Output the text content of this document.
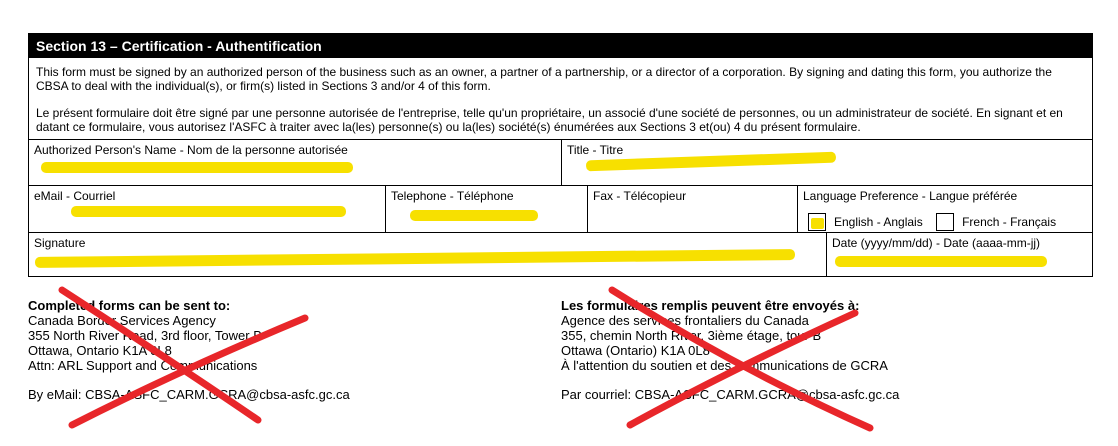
Section 13 – Certification - Authentification

This form must be signed by an authorized person of the business such as an owner, a partner of a partnership, or a director of a corporation. By signing and dating this form, you authorize the CBSA to deal with the individual(s), or firm(s) listed in Sections 3 and/or 4 of this form.

Le présent formulaire doit être signé par une personne autorisée de l'entreprise, telle qu'un propriétaire, un associé d'une société de personnes, ou un administrateur de société. En signant et en datant ce formulaire, vous autorisez l'ASFC à traiter avec la(les) personne(s) ou la(les) société(s) énumérées aux Sections 3 et(ou) 4 du présent formulaire.

Authorized Person's Name - Nom de la personne autorisée	Title - Titre
eMail - Courriel	Telephone - Téléphone	Fax - Télécopieur	Language Preference - Langue préférée
English - Anglais
	French - Français
Signature	Date (yyyy/mm/dd) - Date (aaaa-mm-jj)
Completed forms can be sent to:
Canada Border Services Agency
355 North River Road, 3rd floor, Tower B
Ottawa, Ontario K1A 0L8
Attn: ARL Support and Communications
By eMail: CBSA-ASFC_CARM.GCRA@cbsa-asfc.gc.ca
Les formulaires remplis peuvent être envoyés à:
Agence des services frontaliers du Canada
355, chemin North River, 3ième étage, tour B
Ottawa (Ontario) K1A 0L8
À l'attention du soutien et des communications de GCRA
Par courriel: CBSA-ASFC_CARM.GCRA@cbsa-asfc.gc.ca
